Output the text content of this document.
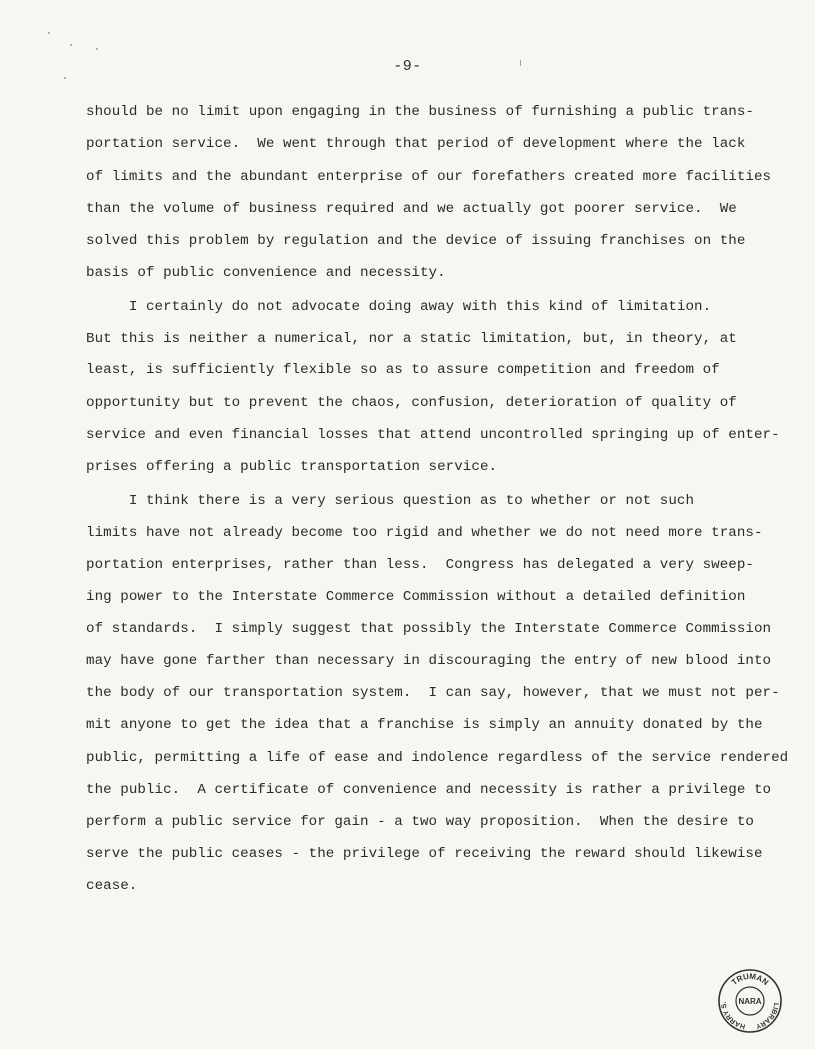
-9-
should be no limit upon engaging in the business of furnishing a public trans-
portation service.  We went through that period of development where the lack
of limits and the abundant enterprise of our forefathers created more facilities
than the volume of business required and we actually got poorer service.  We
solved this problem by regulation and the device of issuing franchises on the
basis of public convenience and necessity.
I certainly do not advocate doing away with this kind of limitation.
But this is neither a numerical, nor a static limitation, but, in theory, at
least, is sufficiently flexible so as to assure competition and freedom of
opportunity but to prevent the chaos, confusion, deterioration of quality of
service and even financial losses that attend uncontrolled springing up of enter-
prises offering a public transportation service.
I think there is a very serious question as to whether or not such
limits have not already become too rigid and whether we do not need more trans-
portation enterprises, rather than less.  Congress has delegated a very sweep-
ing power to the Interstate Commerce Commission without a detailed definition
of standards.  I simply suggest that possibly the Interstate Commerce Commission
may have gone farther than necessary in discouraging the entry of new blood into
the body of our transportation system.  I can say, however, that we must not per-
mit anyone to get the idea that a franchise is simply an annuity donated by the
public, permitting a life of ease and indolence regardless of the service rendered
the public.  A certificate of convenience and necessity is rather a privilege to
perform a public service for gain - a two way proposition.  When the desire to
serve the public ceases - the privilege of receiving the reward should likewise
cease.
TRUMAN
HARRY S.	LIBRARY
NARA
